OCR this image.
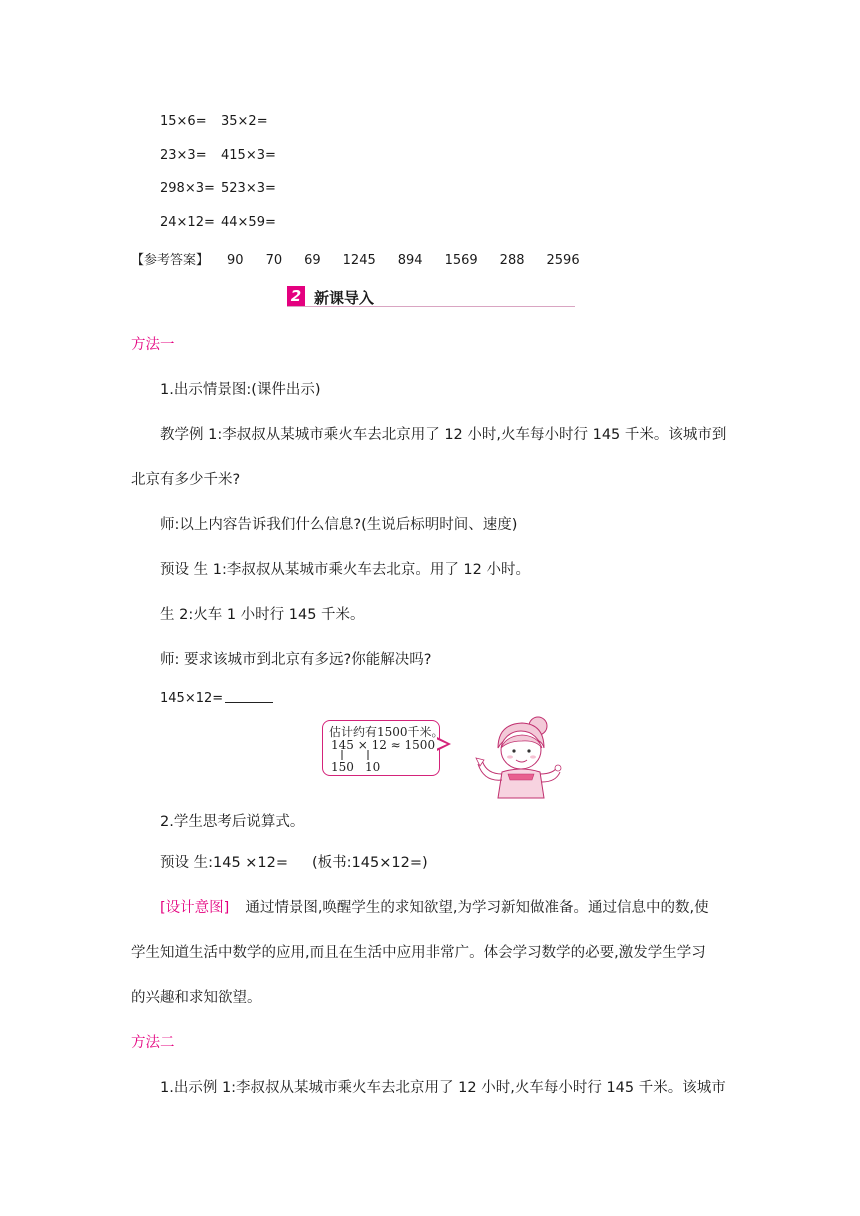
15×6= 35×2=
23×3= 415×3=
298×3= 523×3=
24×12= 44×59=
【参考答案】 90 70 69 1245 894 1569 288 2596
2 新课导入
方法一
1.出示情景图:(课件出示)
教学例 1:李叔叔从某城市乘火车去北京用了 12 小时,火车每小时行 145 千米。该城市到
北京有多少千米?
师:以上内容告诉我们什么信息?(生说后标明时间、速度)
预设 生 1:李叔叔从某城市乘火车去北京。用了 12 小时。
生 2:火车 1 小时行 145 千米。
师: 要求该城市到北京有多远?你能解决吗?
145×12=
估计约有1500千米。
145 × 12 ≈ 1500
150 10
2.学生思考后说算式。
预设 生:145 ×12= (板书:145×12=)
[设计意图] 通过情景图,唤醒学生的求知欲望,为学习新知做准备。通过信息中的数,使
学生知道生活中数学的应用,而且在生活中应用非常广。体会学习数学的必要,激发学生学习
的兴趣和求知欲望。
方法二
1.出示例 1:李叔叔从某城市乘火车去北京用了 12 小时,火车每小时行 145 千米。该城市
